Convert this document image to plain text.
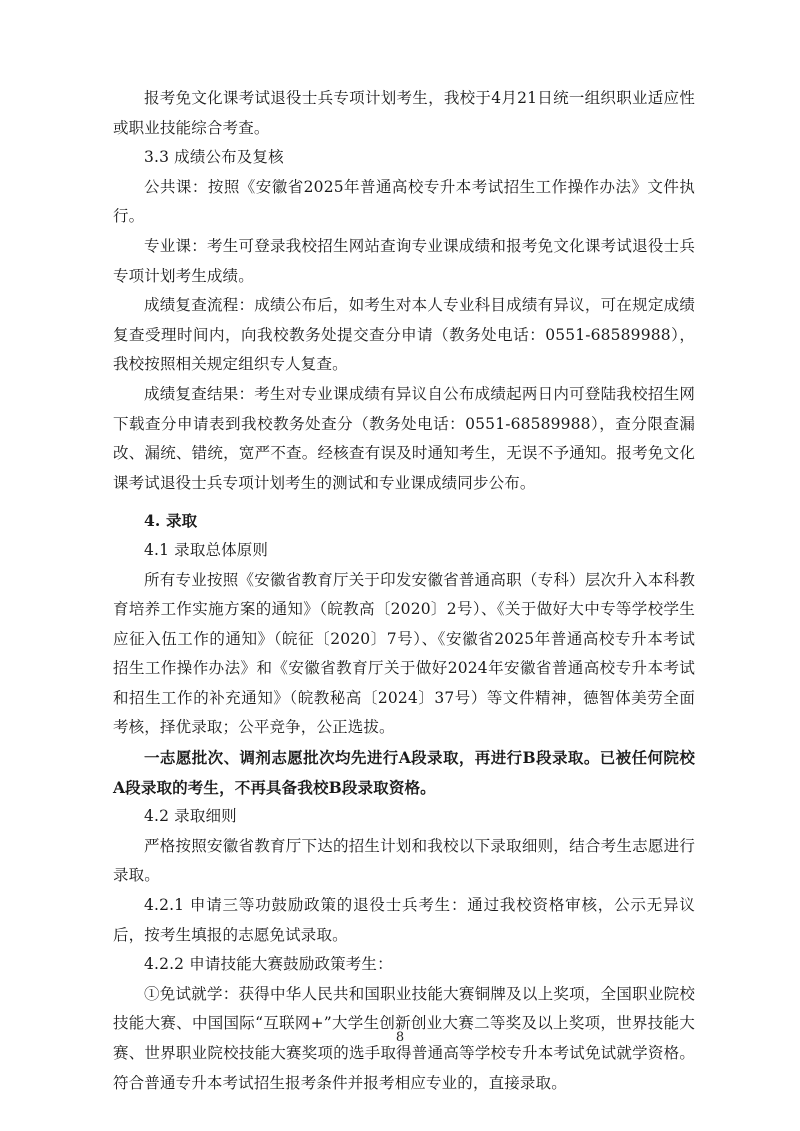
报考免文化课考试退役士兵专项计划考生，我校于4月21日统一组织职业适应性或职业技能综合考查。

3.3 成绩公布及复核

公共课：按照《安徽省2025年普通高校专升本考试招生工作操作办法》文件执行。

专业课：考生可登录我校招生网站查询专业课成绩和报考免文化课考试退役士兵专项计划考生成绩。

成绩复查流程：成绩公布后，如考生对本人专业科目成绩有异议，可在规定成绩复查受理时间内，向我校教务处提交查分申请（教务处电话：0551-68589988），我校按照相关规定组织专人复查。

成绩复查结果：考生对专业课成绩有异议自公布成绩起两日内可登陆我校招生网下载查分申请表到我校教务处查分（教务处电话：0551-68589988），查分限查漏改、漏统、错统，宽严不查。经核查有误及时通知考生，无误不予通知。报考免文化课考试退役士兵专项计划考生的测试和专业课成绩同步公布。

4. 录取

4.1 录取总体原则

所有专业按照《安徽省教育厅关于印发安徽省普通高职（专科）层次升入本科教育培养工作实施方案的通知》（皖教高〔2020〕2号）、《关于做好大中专等学校学生应征入伍工作的通知》（皖征〔2020〕7号）、《安徽省2025年普通高校专升本考试招生工作操作办法》和《安徽省教育厅关于做好2024年安徽省普通高校专升本考试和招生工作的补充通知》（皖教秘高〔2024〕37号）等文件精神，德智体美劳全面考核，择优录取；公平竞争，公正选拔。

一志愿批次、调剂志愿批次均先进行A段录取，再进行B段录取。已被任何院校A段录取的考生，不再具备我校B段录取资格。

4.2 录取细则

严格按照安徽省教育厅下达的招生计划和我校以下录取细则，结合考生志愿进行录取。

4.2.1 申请三等功鼓励政策的退役士兵考生：通过我校资格审核，公示无异议后，按考生填报的志愿免试录取。

4.2.2 申请技能大赛鼓励政策考生：

①免试就学：获得中华人民共和国职业技能大赛铜牌及以上奖项，全国职业院校技能大赛、中国国际“互联网+”大学生创新创业大赛二等奖及以上奖项，世界技能大赛、世界职业院校技能大赛奖项的选手取得普通高等学校专升本考试免试就学资格。符合普通专升本考试招生报考条件并报考相应专业的，直接录取。

8
